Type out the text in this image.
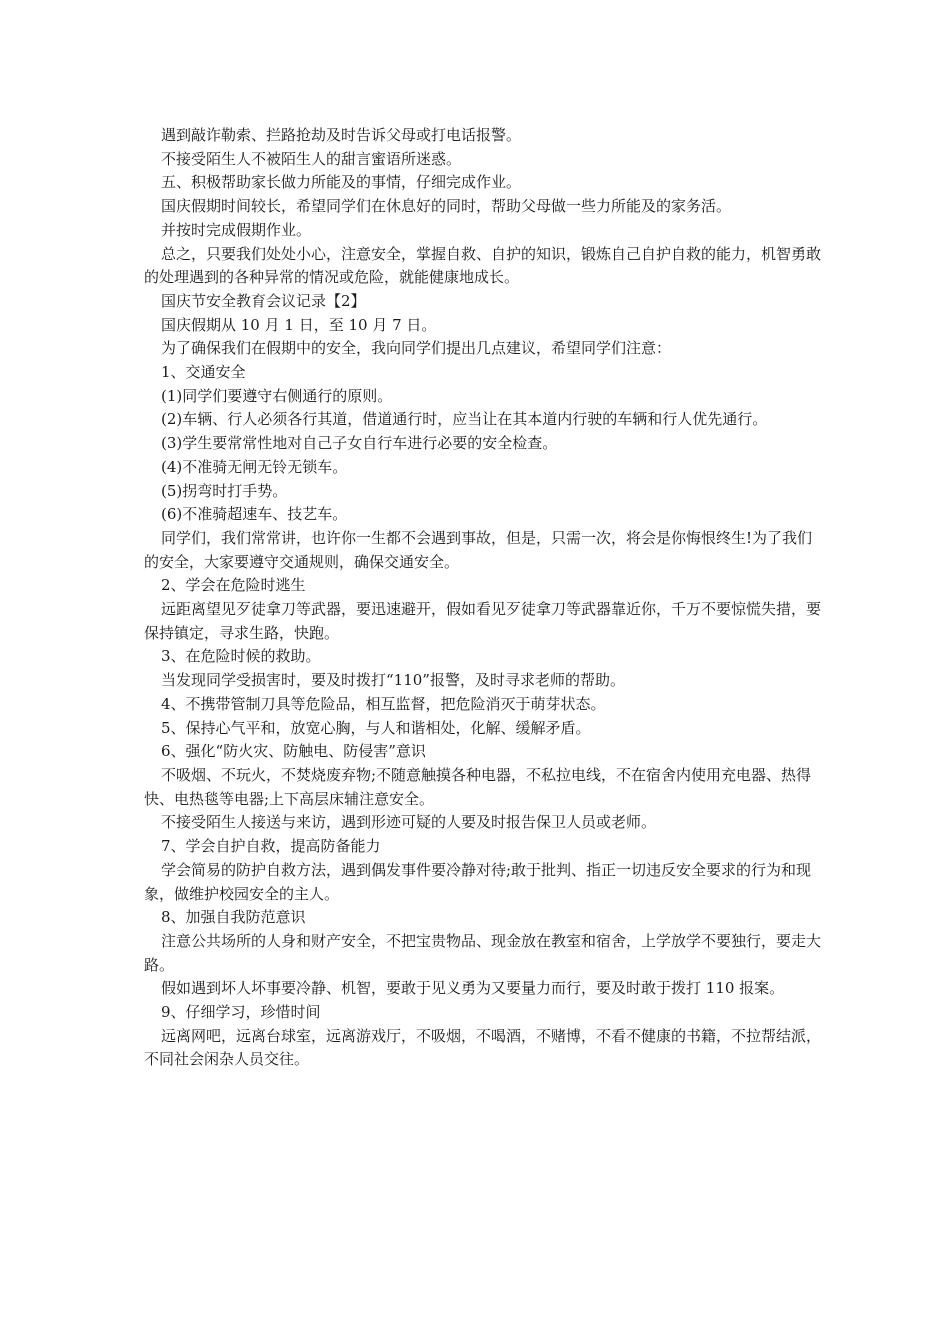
遇到敲诈勒索、拦路抢劫及时告诉父母或打电话报警。

不接受陌生人不被陌生人的甜言蜜语所迷惑。

五、积极帮助家长做力所能及的事情，仔细完成作业。

国庆假期时间较长，希望同学们在休息好的同时，帮助父母做一些力所能及的家务活。

并按时完成假期作业。

总之，只要我们处处小心，注意安全，掌握自救、自护的知识，锻炼自己自护自救的能力，机智勇敢的处理遇到的各种异常的情况或危险，就能健康地成长。

国庆节安全教育会议记录【2】

国庆假期从 10 月 1 日，至 10 月 7 日。

为了确保我们在假期中的安全，我向同学们提出几点建议，希望同学们注意：

1、交通安全

(1)同学们要遵守右侧通行的原则。

(2)车辆、行人必须各行其道，借道通行时，应当让在其本道内行驶的车辆和行人优先通行。

(3)学生要常常性地对自己子女自行车进行必要的安全检查。

(4)不准骑无闸无铃无锁车。

(5)拐弯时打手势。

(6)不准骑超速车、技艺车。

同学们，我们常常讲，也许你一生都不会遇到事故，但是，只需一次，将会是你悔恨终生!为了我们的安全，大家要遵守交通规则，确保交通安全。

2、学会在危险时逃生

远距离望见歹徒拿刀等武器，要迅速避开，假如看见歹徒拿刀等武器靠近你，千万不要惊慌失措，要保持镇定，寻求生路，快跑。

3、在危险时候的救助。

当发现同学受损害时，要及时拨打“110”报警，及时寻求老师的帮助。

4、不携带管制刀具等危险品，相互监督，把危险消灭于萌芽状态。

5、保持心气平和，放宽心胸，与人和谐相处，化解、缓解矛盾。

6、强化“防火灾、防触电、防侵害”意识

不吸烟、不玩火，不焚烧废弃物;不随意触摸各种电器，不私拉电线，不在宿舍内使用充电器、热得快、电热毯等电器;上下高层床辅注意安全。

不接受陌生人接送与来访，遇到形迹可疑的人要及时报告保卫人员或老师。

7、学会自护自救，提高防备能力

学会简易的防护自救方法，遇到偶发事件要冷静对待;敢于批判、指正一切违反安全要求的行为和现象，做维护校园安全的主人。

8、加强自我防范意识

注意公共场所的人身和财产安全，不把宝贵物品、现金放在教室和宿舍，上学放学不要独行，要走大路。

假如遇到坏人坏事要冷静、机智，要敢于见义勇为又要量力而行，要及时敢于拨打 110 报案。

9、仔细学习，珍惜时间

远离网吧，远离台球室，远离游戏厅，不吸烟，不喝酒，不赌博，不看不健康的书籍，不拉帮结派，不同社会闲杂人员交往。
